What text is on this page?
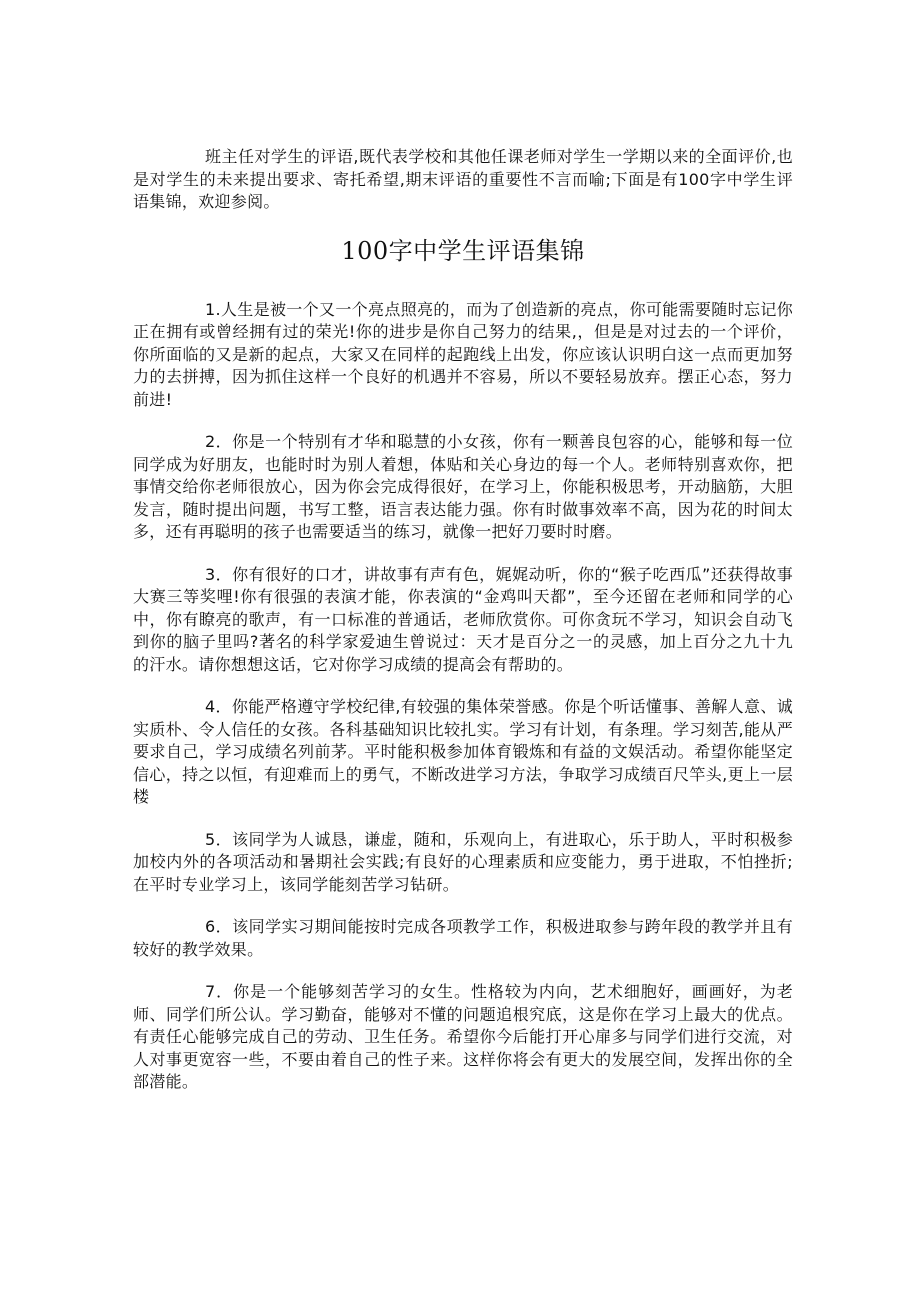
班主任对学生的评语,既代表学校和其他任课老师对学生一学期以来的全面评价,也是对学生的未来提出要求、寄托希望,期末评语的重要性不言而喻;下面是有100字中学生评语集锦，欢迎参阅。

100字中学生评语集锦

1.人生是被一个又一个亮点照亮的，而为了创造新的亮点，你可能需要随时忘记你正在拥有或曾经拥有过的荣光!你的进步是你自己努力的结果,，但是是对过去的一个评价，你所面临的又是新的起点，大家又在同样的起跑线上出发，你应该认识明白这一点而更加努力的去拼搏，因为抓住这样一个良好的机遇并不容易，所以不要轻易放弃。摆正心态，努力前进!

2．你是一个特别有才华和聪慧的小女孩，你有一颗善良包容的心，能够和每一位同学成为好朋友，也能时时为别人着想，体贴和关心身边的每一个人。老师特别喜欢你，把事情交给你老师很放心，因为你会完成得很好，在学习上，你能积极思考，开动脑筋，大胆发言，随时提出问题，书写工整，语言表达能力强。你有时做事效率不高，因为花的时间太多，还有再聪明的孩子也需要适当的练习，就像一把好刀要时时磨。

3．你有很好的口才，讲故事有声有色，娓娓动听，你的“猴子吃西瓜”还获得故事大赛三等奖哩!你有很强的表演才能，你表演的“金鸡叫天都”，至今还留在老师和同学的心中，你有瞭亮的歌声，有一口标准的普通话，老师欣赏你。可你贪玩不学习，知识会自动飞到你的脑子里吗?著名的科学家爱迪生曾说过：天才是百分之一的灵感，加上百分之九十九的汗水。请你想想这话，它对你学习成绩的提高会有帮助的。

4．你能严格遵守学校纪律,有较强的集体荣誉感。你是个听话懂事、善解人意、诚实质朴、令人信任的女孩。各科基础知识比较扎实。学习有计划，有条理。学习刻苦,能从严要求自己，学习成绩名列前茅。平时能积极参加体育锻炼和有益的文娱活动。希望你能坚定信心，持之以恒，有迎难而上的勇气，不断改进学习方法，争取学习成绩百尺竿头,更上一层楼

5．该同学为人诚恳，谦虚，随和，乐观向上，有进取心，乐于助人，平时积极参加校内外的各项活动和暑期社会实践;有良好的心理素质和应变能力，勇于进取，不怕挫折;在平时专业学习上，该同学能刻苦学习钻研。

6．该同学实习期间能按时完成各项教学工作，积极进取参与跨年段的教学并且有较好的教学效果。

7．你是一个能够刻苦学习的女生。性格较为内向，艺术细胞好，画画好，为老师、同学们所公认。学习勤奋，能够对不懂的问题追根究底，这是你在学习上最大的优点。有责任心能够完成自己的劳动、卫生任务。希望你今后能打开心扉多与同学们进行交流，对人对事更宽容一些，不要由着自己的性子来。这样你将会有更大的发展空间，发挥出你的全部潜能。
